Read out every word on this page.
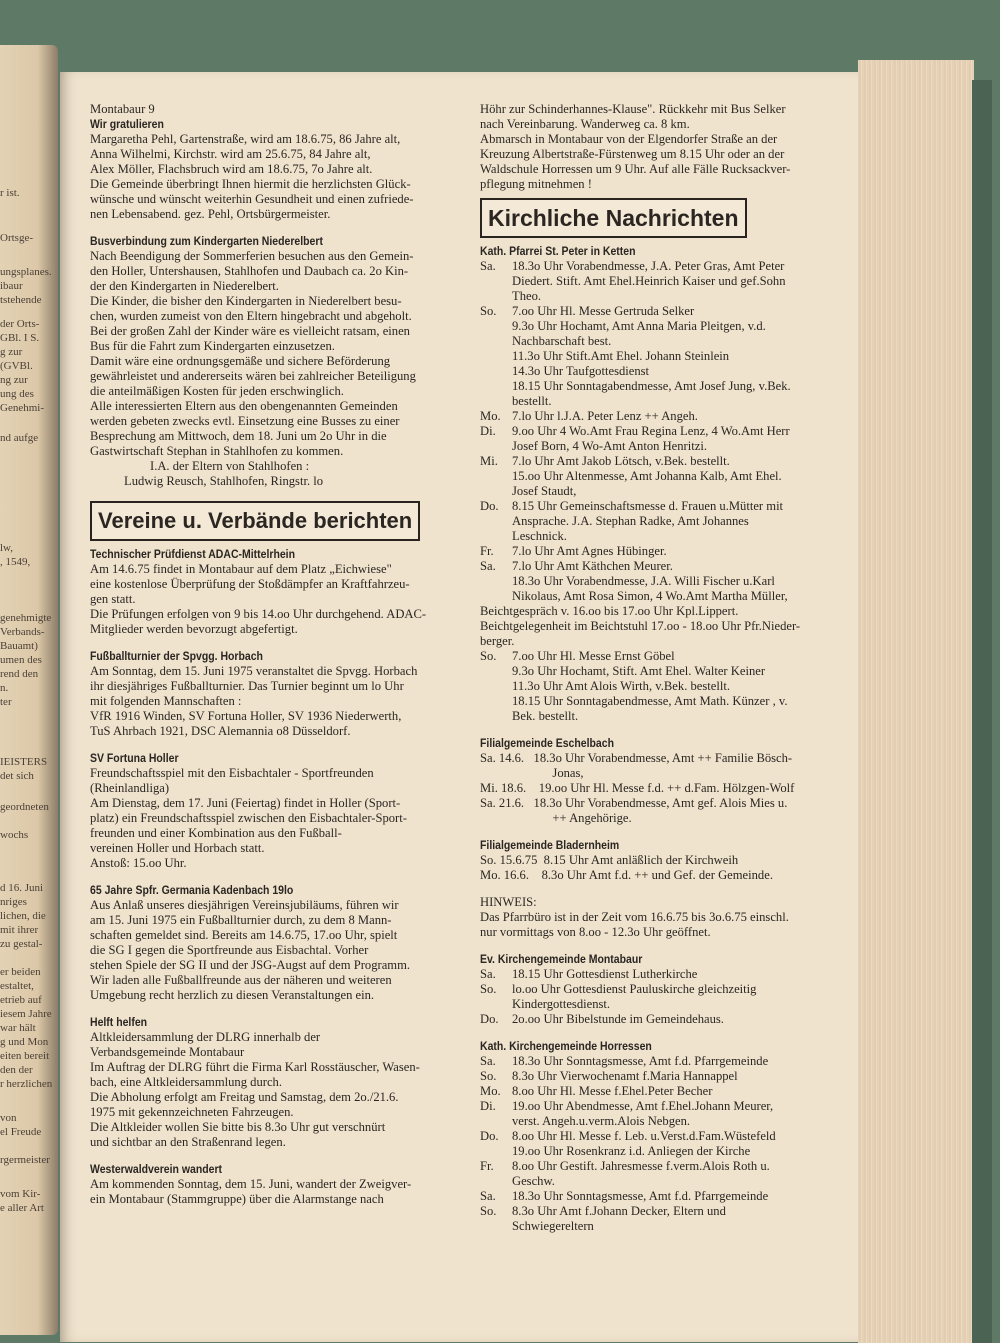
r ist.
Ortsge-
ungsplanes.
ibaur
tstehende
der Orts-
GBl. I S.
g zur
(GVBl.
ng zur
ung des
Genehmi-
nd aufge
lw,
, 1549,
genehmigte
Verbands-
Bauamt)
umen des
rend den
n.
ter
IEISTERS
det sich
geordneten
wochs
d 16. Juni
nriges
lichen, die
mit ihrer
zu gestal-
er beiden
estaltet,
etrieb auf
iesem Jahre
war hält
g und Mon
eiten bereit
den der
r herzlichen
von
el Freude
rgermeister
vom Kir-
e aller Art
Montabaur 9
Wir gratulieren
Margaretha Pehl, Gartenstraße, wird am 18.6.75, 86 Jahre alt,
Anna Wilhelmi, Kirchstr. wird am 25.6.75, 84 Jahre alt,
Alex Möller, Flachsbruch wird am 18.6.75, 7o Jahre alt.
Die Gemeinde überbringt Ihnen hiermit die herzlichsten Glück-
wünsche und wünscht weiterhin Gesundheit und einen zufriede-
nen Lebensabend. gez. Pehl, Ortsbürgermeister.
Busverbindung zum Kindergarten Niederelbert
Nach Beendigung der Sommerferien besuchen aus den Gemein-
den Holler, Untershausen, Stahlhofen und Daubach ca. 2o Kin-
der den Kindergarten in Niederelbert.
Die Kinder, die bisher den Kindergarten in Niederelbert besu-
chen, wurden zumeist von den Eltern hingebracht und abgeholt.
Bei der großen Zahl der Kinder wäre es vielleicht ratsam, einen
Bus für die Fahrt zum Kindergarten einzusetzen.
Damit wäre eine ordnungsgemäße und sichere Beförderung
gewährleistet und andererseits wären bei zahlreicher Beteiligung
die anteilmäßigen Kosten für jeden erschwinglich.
Alle interessierten Eltern aus den obengenannten Gemeinden
werden gebeten zwecks evtl. Einsetzung eine Busses zu einer
Besprechung am Mittwoch, dem 18. Juni um 2o Uhr in die
Gastwirtschaft Stephan in Stahlhofen zu kommen.
I.A. der Eltern von Stahlhofen :
Ludwig Reusch, Stahlhofen, Ringstr. lo
Vereine u. Verbände berichten
Technischer Prüfdienst ADAC-Mittelrhein
Am 14.6.75 findet in Montabaur auf dem Platz „Eichwiese"
eine kostenlose Überprüfung der Stoßdämpfer an Kraftfahrzeu-
gen statt.
Die Prüfungen erfolgen von 9 bis 14.oo Uhr durchgehend. ADAC-
Mitglieder werden bevorzugt abgefertigt.
Fußballturnier der Spvgg. Horbach
Am Sonntag, dem 15. Juni 1975 veranstaltet die Spvgg. Horbach
ihr diesjähriges Fußballturnier. Das Turnier beginnt um lo Uhr
mit folgenden Mannschaften :
VfR 1916 Winden, SV Fortuna Holler, SV 1936 Niederwerth,
TuS Ahrbach 1921, DSC Alemannia o8 Düsseldorf.
SV Fortuna Holler
Freundschaftsspiel mit den Eisbachtaler - Sportfreunden
(Rheinlandliga)
Am Dienstag, dem 17. Juni (Feiertag) findet in Holler (Sport-
platz) ein Freundschaftsspiel zwischen den Eisbachtaler-Sport-
freunden und einer Kombination aus den Fußball-
vereinen Holler und Horbach statt.
Anstoß: 15.oo Uhr.
65 Jahre Spfr. Germania Kadenbach 19lo
Aus Anlaß unseres diesjährigen Vereinsjubiläums, führen wir
am 15. Juni 1975 ein Fußballturnier durch, zu dem 8 Mann-
schaften gemeldet sind. Bereits am 14.6.75, 17.oo Uhr, spielt
die SG I gegen die Sportfreunde aus Eisbachtal. Vorher
stehen Spiele der SG II und der JSG-Augst auf dem Programm.
Wir laden alle Fußballfreunde aus der näheren und weiteren
Umgebung recht herzlich zu diesen Veranstaltungen ein.
Helft helfen
Altkleidersammlung der DLRG innerhalb der
Verbandsgemeinde Montabaur
Im Auftrag der DLRG führt die Firma Karl Rosstäuscher, Wasen-
bach, eine Altkleidersammlung durch.
Die Abholung erfolgt am Freitag und Samstag, dem 2o./21.6.
1975 mit gekennzeichneten Fahrzeugen.
Die Altkleider wollen Sie bitte bis 8.3o Uhr gut verschnürt
und sichtbar an den Straßenrand legen.
Westerwaldverein wandert
Am kommenden Sonntag, dem 15. Juni, wandert der Zweigver-
ein Montabaur (Stammgruppe) über die Alarmstange nach
Höhr zur Schinderhannes-Klause". Rückkehr mit Bus Selker
nach Vereinbarung. Wanderweg ca. 8 km.
Abmarsch in Montabaur von der Elgendorfer Straße an der
Kreuzung Albertstraße-Fürstenweg um 8.15 Uhr oder an der
Waldschule Horressen um 9 Uhr. Auf alle Fälle Rucksackver-
pflegung mitnehmen !
Kirchliche Nachrichten
Kath. Pfarrei St. Peter in Ketten
Sa.	18.3o Uhr Vorabendmesse, J.A. Peter Gras, Amt Peter
Diedert. Stift. Amt Ehel.Heinrich Kaiser und gef.Sohn
Theo.
So.	7.oo Uhr Hl. Messe Gertruda Selker
9.3o Uhr Hochamt, Amt Anna Maria Pleitgen, v.d.
Nachbarschaft best.
11.3o Uhr Stift.Amt Ehel. Johann Steinlein
14.3o Uhr Taufgottesdienst
18.15 Uhr Sonntagabendmesse, Amt Josef Jung, v.Bek.
bestellt.
Mo. 7.lo Uhr l.J.A. Peter Lenz ++ Angeh.
Di.	9.oo Uhr 4 Wo.Amt Frau Regina Lenz, 4 Wo.Amt Herr
Josef Born, 4 Wo-Amt Anton Henritzi.
Mi.	7.lo Uhr Amt Jakob Lötsch, v.Bek. bestellt.
15.oo Uhr Altenmesse, Amt Johanna Kalb, Amt Ehel.
Josef Staudt,
Do.	8.15 Uhr Gemeinschaftsmesse d. Frauen u.Mütter mit
Ansprache. J.A. Stephan Radke, Amt Johannes
Leschnick.
Fr.	7.lo Uhr Amt Agnes Hübinger.
Sa.	7.lo Uhr Amt Käthchen Meurer.
18.3o Uhr Vorabendmesse, J.A. Willi Fischer u.Karl
Nikolaus, Amt Rosa Simon, 4 Wo.Amt Martha Müller,
Beichtgespräch v. 16.oo bis 17.oo Uhr Kpl.Lippert.
Beichtgelegenheit im Beichtstuhl 17.oo - 18.oo Uhr Pfr.Nieder-
berger.
So.	7.oo Uhr Hl. Messe Ernst Göbel
9.3o Uhr Hochamt, Stift. Amt Ehel. Walter Keiner
11.3o Uhr Amt Alois Wirth, v.Bek. bestellt.
18.15 Uhr Sonntagabendmesse, Amt Math. Künzer , v.
Bek. bestellt.
Filialgemeinde Eschelbach
Sa. 14.6.   18.3o Uhr Vorabendmesse, Amt ++ Familie Bösch-
Jonas,
Mi. 18.6.    19.oo Uhr Hl. Messe f.d. ++ d.Fam. Hölzgen-Wolf
Sa. 21.6.   18.3o Uhr Vorabendmesse, Amt gef. Alois Mies u.
++ Angehörige.
Filialgemeinde Bladernheim
So. 15.6.75  8.15 Uhr Amt anläßlich der Kirchweih
Mo. 16.6.    8.3o Uhr Amt f.d. ++ und Gef. der Gemeinde.
HINWEIS:
Das Pfarrbüro ist in der Zeit vom 16.6.75 bis 3o.6.75 einschl.
nur vormittags von 8.oo - 12.3o Uhr geöffnet.
Ev. Kirchengemeinde Montabaur
Sa.	18.15 Uhr Gottesdienst Lutherkirche
So.	lo.oo Uhr Gottesdienst Pauluskirche gleichzeitig
Kindergottesdienst.
Do.	2o.oo Uhr Bibelstunde im Gemeindehaus.
Kath. Kirchengemeinde Horressen
Sa.	18.3o Uhr Sonntagsmesse, Amt f.d. Pfarrgemeinde
So.	8.3o Uhr Vierwochenamt f.Maria Hannappel
Mo. 8.oo Uhr Hl. Messe f.Ehel.Peter Becher
Di.	19.oo Uhr Abendmesse, Amt f.Ehel.Johann Meurer,
verst. Angeh.u.verm.Alois Nebgen.
Do.	8.oo Uhr Hl. Messe f. Leb. u.Verst.d.Fam.Wüstefeld
19.oo Uhr Rosenkranz i.d. Anliegen der Kirche
Fr.	8.oo Uhr Gestift. Jahresmesse f.verm.Alois Roth u.
Geschw.
Sa.	18.3o Uhr Sonntagsmesse, Amt f.d. Pfarrgemeinde
So.	8.3o Uhr Amt f.Johann Decker, Eltern und
Schwiegereltern
